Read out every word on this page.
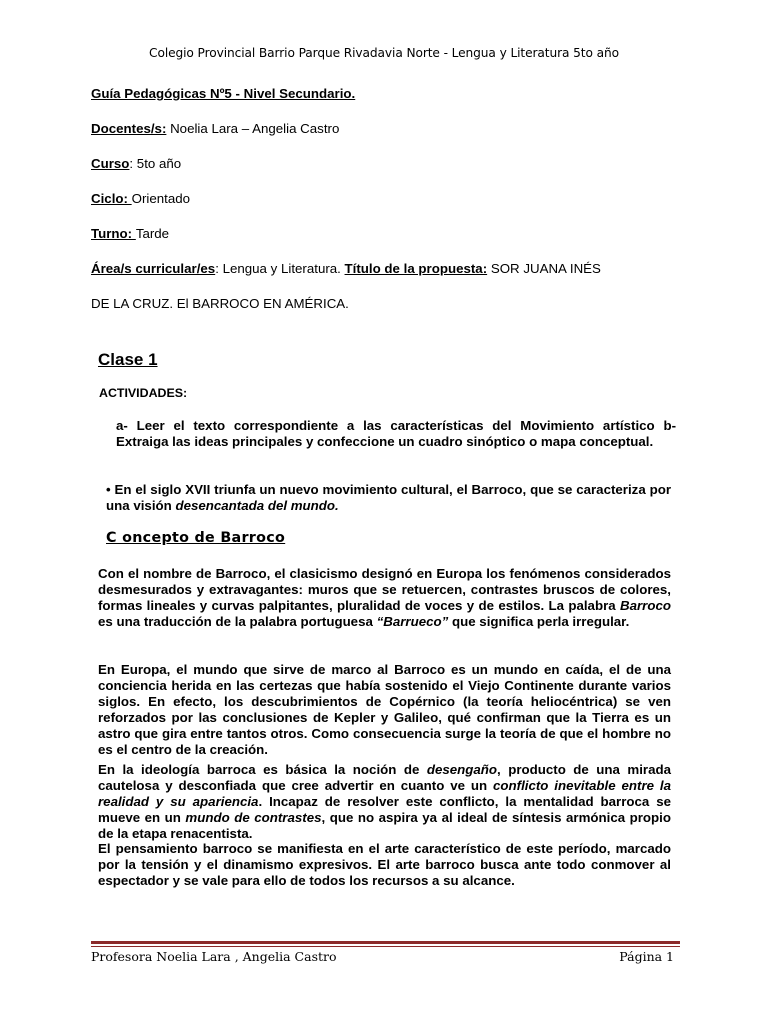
Colegio Provincial Barrio Parque Rivadavia Norte - Lengua y Literatura 5to año
Guía Pedagógicas Nº5 - Nivel Secundario.
Docentes/s: Noelia Lara – Angelia Castro
Curso: 5to año
Ciclo: Orientado
Turno: Tarde
Área/s curricular/es: Lengua y Literatura. Título de la propuesta: SOR JUANA INÉS
DE LA CRUZ. El BARROCO EN AMÉRICA.
Clase 1
ACTIVIDADES:

a- Leer el texto correspondiente a las características del Movimiento artístico b- Extraiga las ideas principales y confeccione un cuadro sinóptico o mapa conceptual.

• En el siglo XVII triunfa un nuevo movimiento cultural, el Barroco, que se caracteriza por una visión desencantada del mundo.

C oncepto de Barroco

Con el nombre de Barroco, el clasicismo designó en Europa los fenómenos considerados desmesurados y extravagantes: muros que se retuercen, contrastes bruscos de colores, formas lineales y curvas palpitantes, pluralidad de voces y de estilos. La palabra Barroco es una traducción de la palabra portuguesa “Barrueco” que significa perla irregular.

En Europa, el mundo que sirve de marco al Barroco es un mundo en caída, el de una conciencia herida en las certezas que había sostenido el Viejo Continente durante varios siglos. En efecto, los descubrimientos de Copérnico (la teoría heliocéntrica) se ven reforzados por las conclusiones de Kepler y Galileo, qué confirman que la Tierra es un astro que gira entre tantos otros. Como consecuencia surge la teoría de que el hombre no es el centro de la creación.

En la ideología barroca es básica la noción de desengaño, producto de una mirada cautelosa y desconfiada que cree advertir en cuanto ve un conflicto inevitable entre la realidad y su apariencia. Incapaz de resolver este conflicto, la mentalidad barroca se mueve en un mundo de contrastes, que no aspira ya al ideal de síntesis armónica propio de la etapa renacentista.

El pensamiento barroco se manifiesta en el arte característico de este período, marcado por la tensión y el dinamismo expresivos. El arte barroco busca ante todo conmover al espectador y se vale para ello de todos los recursos a su alcance.

Profesora Noelia Lara , Angelia Castro	Página 1
